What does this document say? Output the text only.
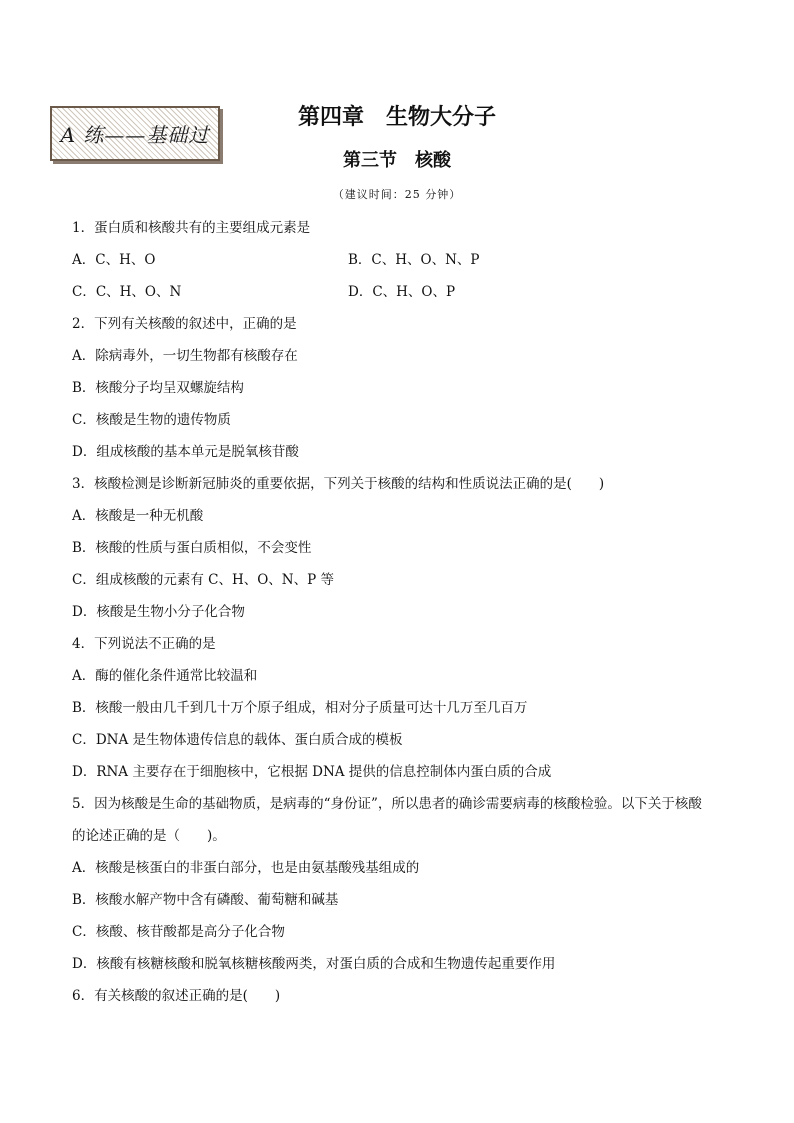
A 练——基础过
第四章　生物大分子
第三节　核酸
（建议时间：25 分钟）
1．蛋白质和核酸共有的主要组成元素是
A．C、H、O	B．C、H、O、N、P
C．C、H、O、N	D．C、H、O、P
2．下列有关核酸的叙述中，正确的是
A．除病毒外，一切生物都有核酸存在
B．核酸分子均呈双螺旋结构
C．核酸是生物的遗传物质
D．组成核酸的基本单元是脱氧核苷酸
3．核酸检测是诊断新冠肺炎的重要依据，下列关于核酸的结构和性质说法正确的是(　　)
A．核酸是一种无机酸
B．核酸的性质与蛋白质相似，不会变性
C．组成核酸的元素有 C、H、O、N、P 等
D．核酸是生物小分子化合物
4．下列说法不正确的是
A．酶的催化条件通常比较温和
B．核酸一般由几千到几十万个原子组成，相对分子质量可达十几万至几百万
C．DNA 是生物体遗传信息的载体、蛋白质合成的模板
D．RNA 主要存在于细胞核中，它根据 DNA 提供的信息控制体内蛋白质的合成
5．因为核酸是生命的基础物质，是病毒的“身份证”，所以患者的确诊需要病毒的核酸检验。以下关于核酸
的论述正确的是（　　)。
A．核酸是核蛋白的非蛋白部分，也是由氨基酸残基组成的
B．核酸水解产物中含有磷酸、葡萄糖和碱基
C．核酸、核苷酸都是高分子化合物
D．核酸有核糖核酸和脱氧核糖核酸两类，对蛋白质的合成和生物遗传起重要作用
6．有关核酸的叙述正确的是(　　)
